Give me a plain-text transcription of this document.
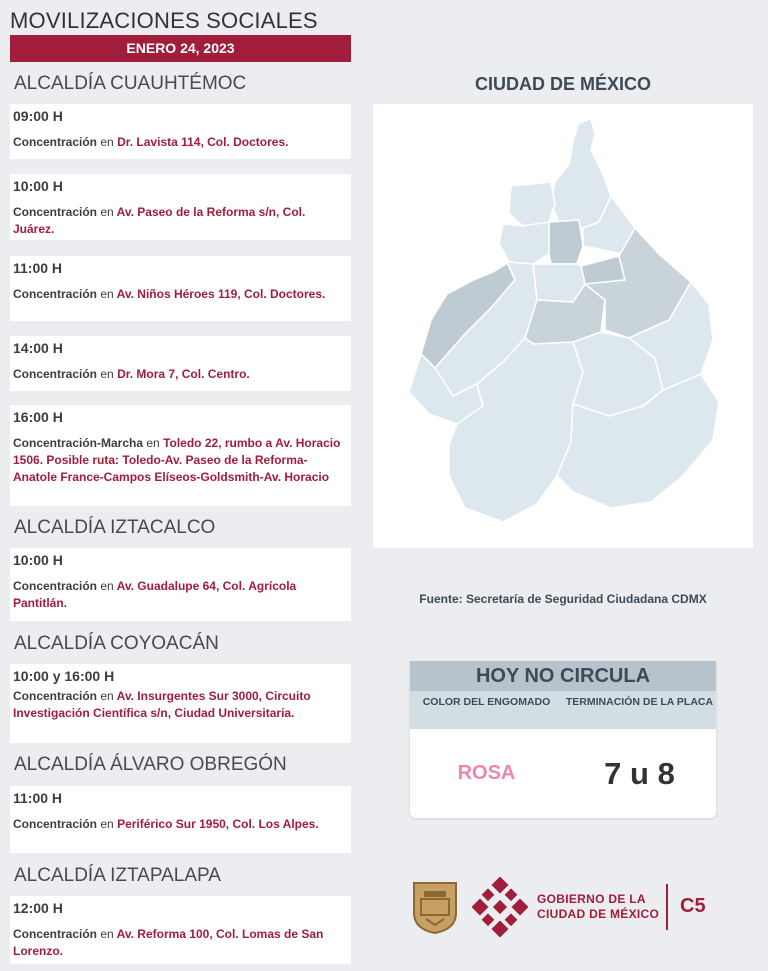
MOVILIZACIONES SOCIALES
ENERO 24, 2023
ALCALDÍA CUAUHTÉMOC
09:00 H
Concentración en Dr. Lavista 114, Col. Doctores.
10:00 H
Concentración en Av. Paseo de la Reforma s/n, Col. Juárez.
11:00 H
Concentración en Av. Niños Héroes 119, Col. Doctores.
14:00 H
Concentración en Dr. Mora 7, Col. Centro.
16:00 H
Concentración-Marcha en Toledo 22, rumbo a Av. Horacio 1506. Posible ruta: Toledo-Av. Paseo de la Reforma-Anatole France-Campos Elíseos-Goldsmith-Av. Horacio
ALCALDÍA IZTACALCO
10:00 H
Concentración en Av. Guadalupe 64, Col. Agrícola Pantitlán.
ALCALDÍA COYOACÁN
10:00 y 16:00 H
Concentración en Av. Insurgentes Sur 3000, Circuito Investigación Científica s/n, Ciudad Universitaria.
ALCALDÍA ÁLVARO OBREGÓN
11:00 H
Concentración en Periférico Sur 1950, Col. Los Alpes.
ALCALDÍA IZTAPALAPA
12:00 H
Concentración en Av. Reforma 100, Col. Lomas de San Lorenzo.
CIUDAD DE MÉXICO
Fuente: Secretaría de Seguridad Ciudadana CDMX
HOY NO CIRCULA
COLOR DEL ENGOMADO	TERMINACIÓN DE LA PLACA
ROSA	7 u 8
GOBIERNO DE LA
CIUDAD DE MÉXICO C5
